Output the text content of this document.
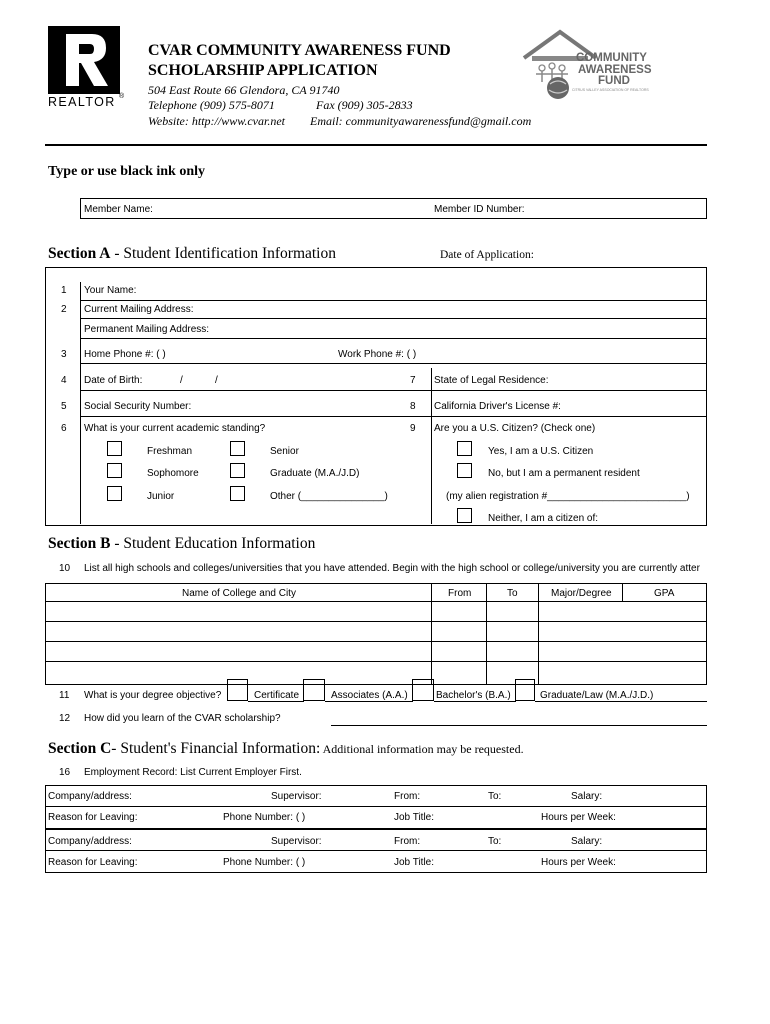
REALTOR ®
CVAR COMMUNITY AWARENESS FUND
SCHOLARSHIP APPLICATION
504 East Route 66 Glendora, CA 91740
Telephone (909) 575-8071	Fax (909) 305-2833
Website: http://www.cvar.net Email: communityawarenessfund@gmail.com
COMMUNITY
AWARENESS
FUND
CITRUS VALLEY ASSOCIATION OF REALTORS
Type or use black ink only
Member Name:	Member ID Number:
Section A - Student Identification Information	Date of Application:
1 Your Name:
2 Current Mailing Address:
Permanent Mailing Address:
3 Home Phone #: ( )	Work Phone #: ( )
4 Date of Birth:	/	/	7 State of Legal Residence:
5 Social Security Number:	8 California Driver's License #:
6 What is your current academic standing?	9 Are you a U.S. Citizen? (Check one)
Freshman	Senior
Sophomore	Graduate (M.A./J.D)
Junior	Other (_______________)
Yes, I am a U.S. Citizen
No, but I am a permanent resident
(my alien registration #_________________________)
Neither, I am a citizen of:
Section B - Student Education Information
10 List all high schools and colleges/universities that you have attended. Begin with the high school or college/university you are currently atter
Name of College and City	From	To	Major/Degree	GPA
11 What is your degree objective?	Certificate	Associates (A.A.)	Bachelor's (B.A.)	Graduate/Law (M.A./J.D.)
12 How did you learn of the CVAR scholarship?
Section C- Student's Financial Information: Additional information may be requested.
16 Employment Record: List Current Employer First.
Company/address:	Supervisor:	From:	To:	Salary:
Reason for Leaving:	Phone Number: ( )	Job Title:	Hours per Week:
Company/address:	Supervisor:	From:	To:	Salary:
Reason for Leaving:	Phone Number: ( )	Job Title:	Hours per Week:
